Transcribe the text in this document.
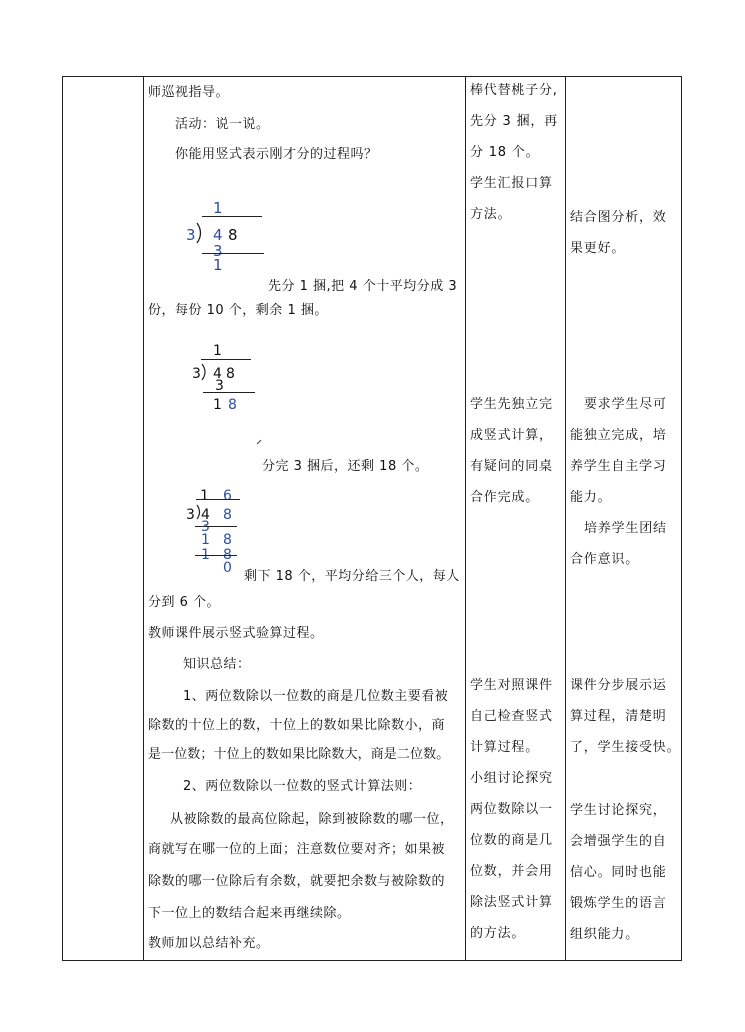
师巡视指导。
活动：说一说。
你能用竖式表示刚才分的过程吗？
1
3 4 8
3
1
先分 1 捆,把 4 个十平均分成 3
份，每份 10 个，剩余 1 捆。
1
3 4 8
3
1 8
分完 3 捆后，还剩 18 个。
1 6
3 4 8
3
1 8
1 8
0
剩下 18 个，平均分给三个人，每人
分到 6 个。
教师课件展示竖式验算过程。
知识总结：
1、两位数除以一位数的商是几位数主要看被
除数的十位上的数，十位上的数如果比除数小，商
是一位数；十位上的数如果比除数大，商是二位数。
2、两位数除以一位数的竖式计算法则：
从被除数的最高位除起，除到被除数的哪一位，
商就写在哪一位的上面；注意数位要对齐；如果被
除数的哪一位除后有余数，就要把余数与被除数的
下一位上的数结合起来再继续除。
教师加以总结补充。

棒代替桃子分,

先分 3 捆，再

分 18 个。

学生汇报口算

方法。

学生先独立完

成竖式计算，

有疑问的同桌

合作完成。

学生对照课件

自己检查竖式

计算过程。

小组讨论探究

两位数除以一

位数的商是几

位数，并会用

除法竖式计算

的方法。

结合图分析，效

果更好。

要求学生尽可

能独立完成，培

养学生自主学习

能力。

培养学生团结

合作意识。

课件分步展示运

算过程，清楚明

了，学生接受快。

学生讨论探究，

会增强学生的自

信心。同时也能

锻炼学生的语言

组织能力。
